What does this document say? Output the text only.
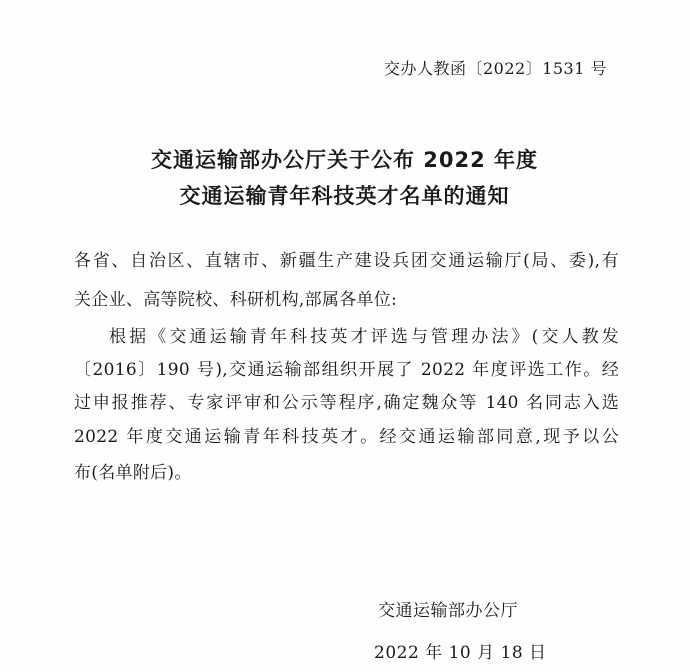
交办人教函〔2022〕1531 号
交通运输部办公厅关于公布 2022 年度
交通运输青年科技英才名单的通知
各省、自治区、直辖市、新疆生产建设兵团交通运输厅(局、委),有
关企业、高等院校、科研机构,部属各单位:
根据《交通运输青年科技英才评选与管理办法》(交人教发
〔2016〕190 号),交通运输部组织开展了 2022 年度评选工作。经
过申报推荐、专家评审和公示等程序,确定魏众等 140 名同志入选
2022 年度交通运输青年科技英才。经交通运输部同意,现予以公
布(名单附后)。
交通运输部办公厅
2022 年 10 月 18 日
